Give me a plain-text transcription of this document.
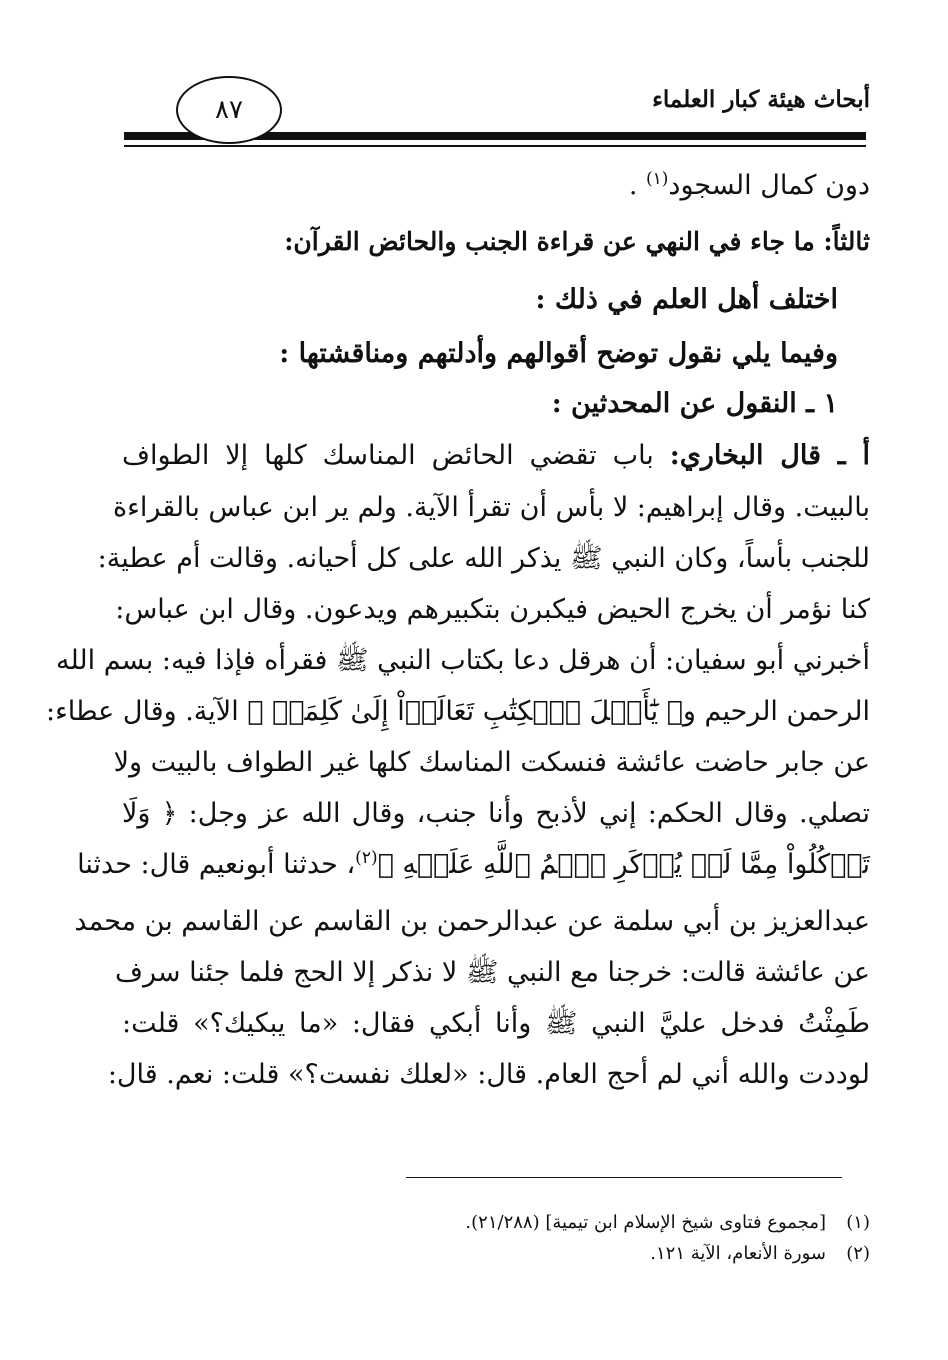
أبحاث هيئة كبار العلماء
٨٧
دون كمال السجود$^{(١)}$ .
ثالثاً: ما جاء في النهي عن قراءة الجنب والحائض القرآن:
اختلف أهل العلم في ذلك :
وفيما يلي نقول توضح أقوالهم وأدلتهم ومناقشتها :
١ ـ النقول عن المحدثين :
أ ـ قال البخاري: باب تقضي الحائض المناسك كلها إلا الطواف
بالبيت. وقال إبراهيم: لا بأس أن تقرأ الآية. ولم ير ابن عباس بالقراءة
للجنب بأساً، وكان النبي ﷺ يذكر الله على كل أحيانه. وقالت أم عطية:
كنا نؤمر أن يخرج الحيض فيكبرن بتكبيرهم ويدعون. وقال ابن عباس:
أخبرني أبو سفيان: أن هرقل دعا بكتاب النبي ﷺ فقرأه فإذا فيه: بسم الله
الرحمن الرحيم و﴿ يَٰٓأَهۡلَ ٱلۡكِتَٰبِ تَعَالَوۡاْ إِلَىٰ كَلِمَةٖ ﴾ الآية. وقال عطاء:
عن جابر حاضت عائشة فنسكت المناسك كلها غير الطواف بالبيت ولا
تصلي. وقال الحكم: إني لأذبح وأنا جنب، وقال الله عز وجل: ﴿ وَلَا
تَأۡكُلُواْ مِمَّا لَمۡ يُذۡكَرِ ٱسۡمُ ٱللَّهِ عَلَيۡهِ ﴾$^{(٢)}$، حدثنا أبونعيم قال: حدثنا
عبدالعزيز بن أبي سلمة عن عبدالرحمن بن القاسم عن القاسم بن محمد
عن عائشة قالت: خرجنا مع النبي ﷺ لا نذكر إلا الحج فلما جئنا سرف
طَمِثْتُ فدخل عليَّ النبي ﷺ وأنا أبكي فقال: «ما يبكيك؟» قلت:
لوددت والله أني لم أحج العام. قال: «لعلك نفست؟» قلت: نعم. قال:
(١)[مجموع فتاوى شيخ الإسلام ابن تيمية] (٢١/٢٨٨).
(٢)سورة الأنعام، الآية ١٢١.
